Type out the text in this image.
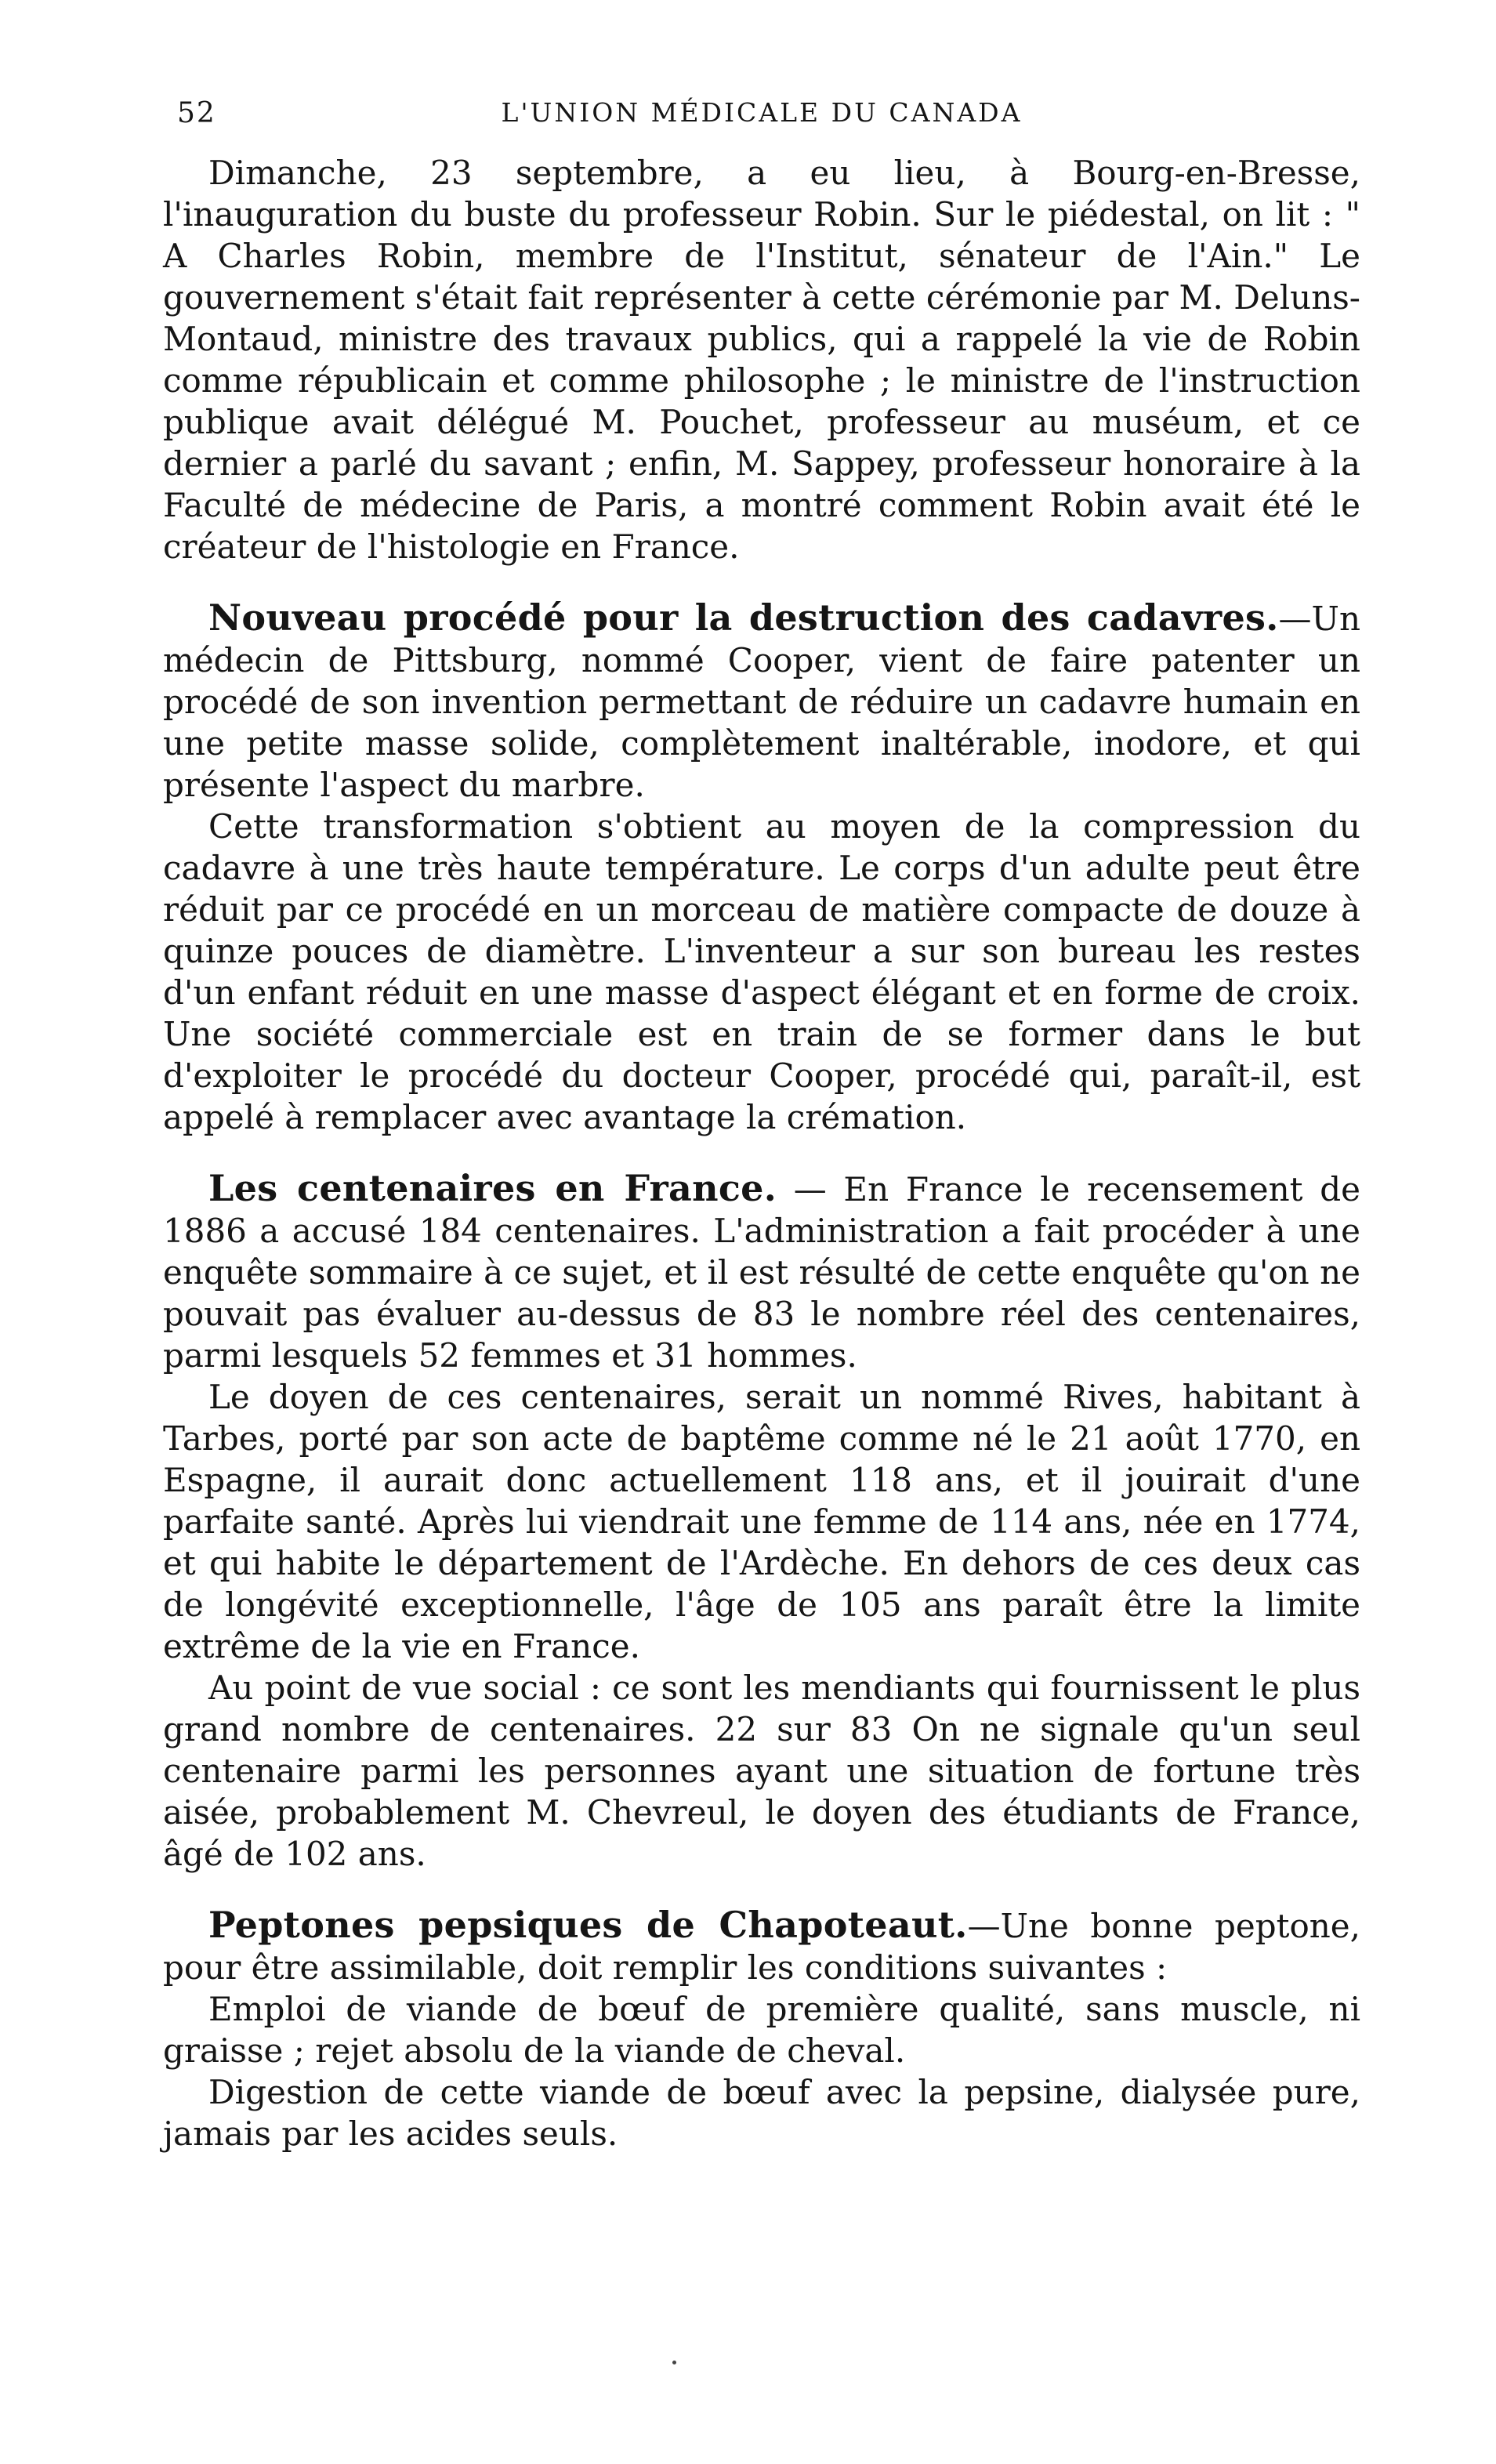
52	L'UNION MÉDICALE DU CANADA

Dimanche, 23 septembre, a eu lieu, à Bourg-en-Bresse, l'inauguration du buste du professeur Robin. Sur le piédestal, on lit : " A Charles Robin, membre de l'Institut, sénateur de l'Ain." Le gouvernement s'était fait représenter à cette cérémonie par M. Deluns-Montaud, ministre des travaux publics, qui a rappelé la vie de Robin comme républicain et comme philosophe ; le ministre de l'instruction publique avait délégué M. Pouchet, professeur au muséum, et ce dernier a parlé du savant ; enfin, M. Sappey, professeur honoraire à la Faculté de médecine de Paris, a montré comment Robin avait été le créateur de l'histologie en France.

Nouveau procédé pour la destruction des cadavres.—Un médecin de Pittsburg, nommé Cooper, vient de faire patenter un procédé de son invention permettant de réduire un cadavre humain en une petite masse solide, complètement inaltérable, inodore, et qui présente l'aspect du marbre.

Cette transformation s'obtient au moyen de la compression du cadavre à une très haute température. Le corps d'un adulte peut être réduit par ce procédé en un morceau de matière compacte de douze à quinze pouces de diamètre. L'inventeur a sur son bureau les restes d'un enfant réduit en une masse d'aspect élégant et en forme de croix. Une société commerciale est en train de se former dans le but d'exploiter le procédé du docteur Cooper, procédé qui, paraît-il, est appelé à remplacer avec avantage la crémation.

Les centenaires en France. — En France le recensement de 1886 a accusé 184 centenaires. L'administration a fait procéder à une enquête sommaire à ce sujet, et il est résulté de cette enquête qu'on ne pouvait pas évaluer au-dessus de 83 le nombre réel des centenaires, parmi lesquels 52 femmes et 31 hommes.

Le doyen de ces centenaires, serait un nommé Rives, habitant à Tarbes, porté par son acte de baptême comme né le 21 août 1770, en Espagne, il aurait donc actuellement 118 ans, et il jouirait d'une parfaite santé. Après lui viendrait une femme de 114 ans, née en 1774, et qui habite le département de l'Ardèche. En dehors de ces deux cas de longévité exceptionnelle, l'âge de 105 ans paraît être la limite extrême de la vie en France.

Au point de vue social : ce sont les mendiants qui fournissent le plus grand nombre de centenaires. 22 sur 83 On ne signale qu'un seul centenaire parmi les personnes ayant une situation de fortune très aisée, probablement M. Chevreul, le doyen des étudiants de France, âgé de 102 ans.

Peptones pepsiques de Chapoteaut.—Une bonne peptone, pour être assimilable, doit remplir les conditions suivantes :

Emploi de viande de bœuf de première qualité, sans muscle, ni graisse ; rejet absolu de la viande de cheval.

Digestion de cette viande de bœuf avec la pepsine, dialysée pure, jamais par les acides seuls.
